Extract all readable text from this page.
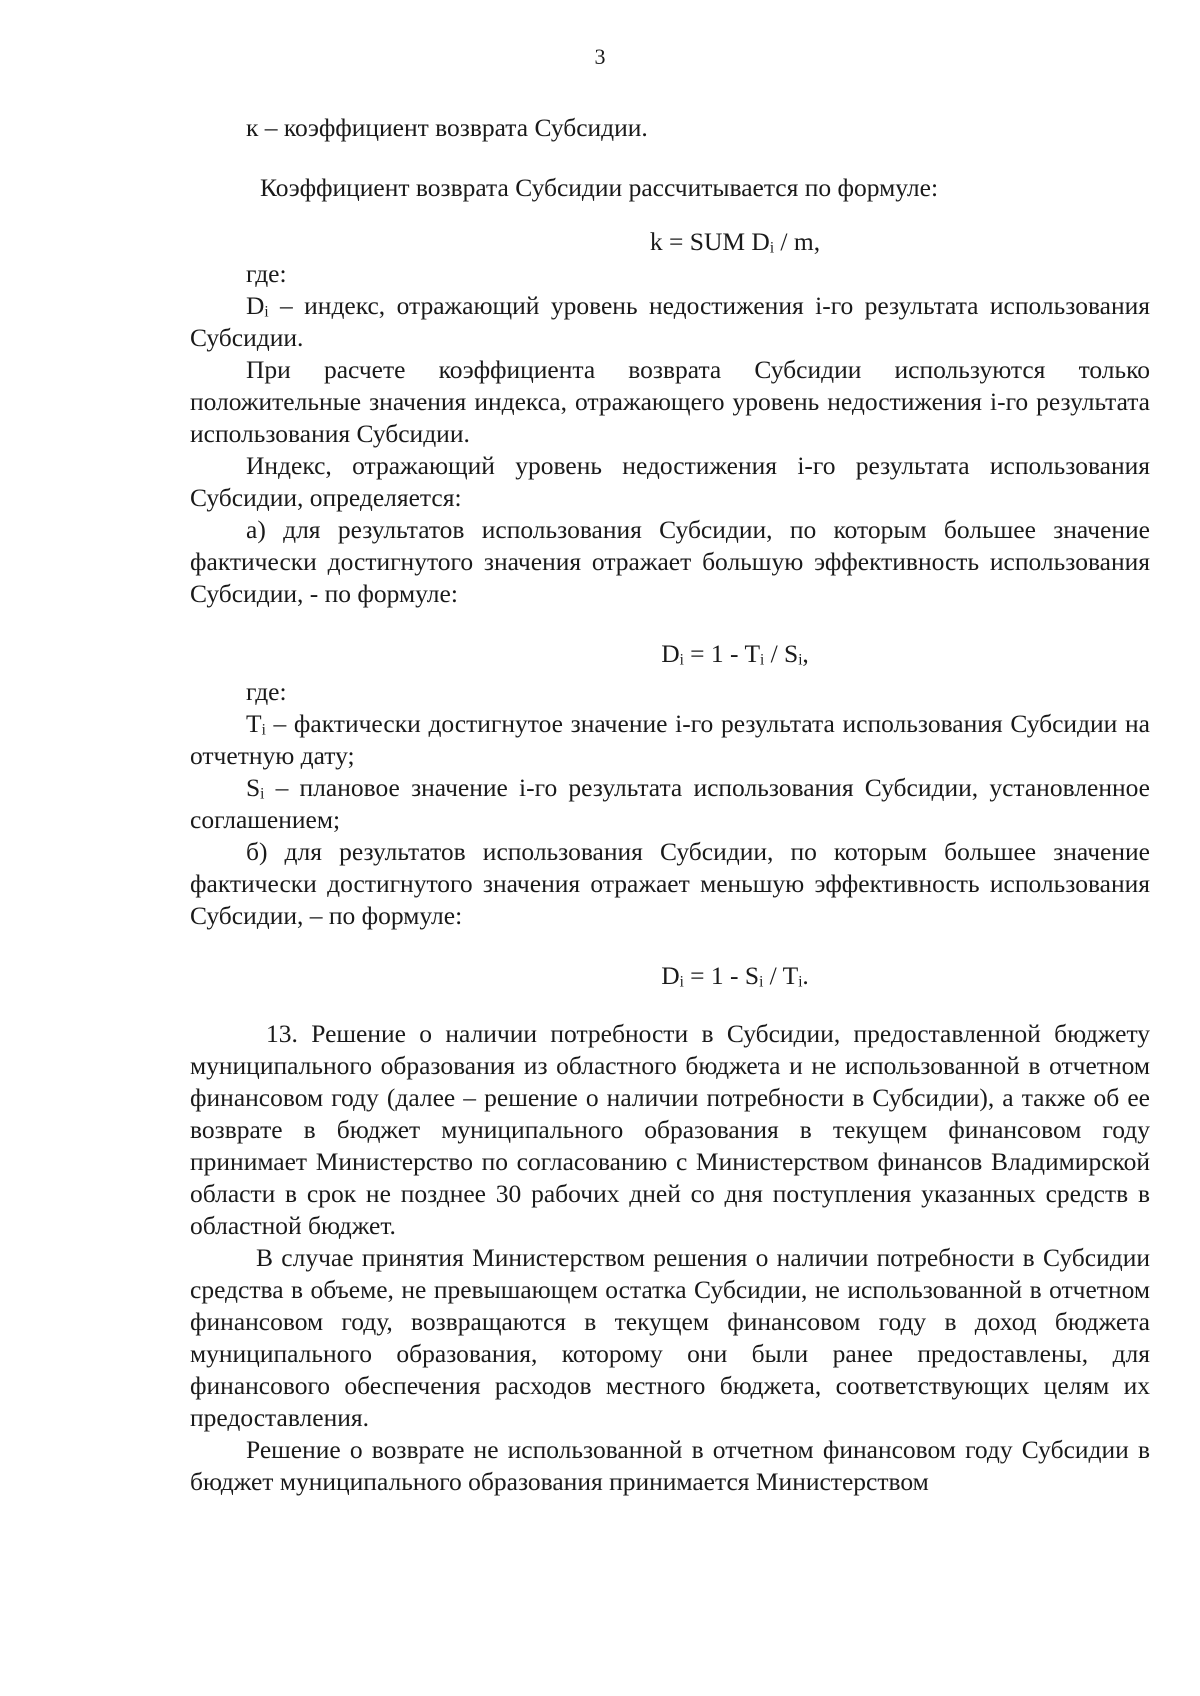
3

к – коэффициент возврата Субсидии.

Коэффициент возврата Субсидии рассчитывается по формуле:

k = SUM Dᵢ / m,

где:

Dᵢ – индекс, отражающий уровень недостижения i-го результата использования Субсидии.

При расчете коэффициента возврата Субсидии используются только положительные значения индекса, отражающего уровень недостижения i-го результата использования Субсидии.

Индекс, отражающий уровень недостижения i-го результата использования Субсидии, определяется:

а) для результатов использования Субсидии, по которым большее значение фактически достигнутого значения отражает большую эффективность использования Субсидии, - по формуле:

Dᵢ = 1 - Tᵢ / Sᵢ,

где:

Tᵢ – фактически достигнутое значение i-го результата использования Субсидии на отчетную дату;

Sᵢ – плановое значение i-го результата использования Субсидии, установленное соглашением;

б) для результатов использования Субсидии, по которым большее значение фактически достигнутого значения отражает меньшую эффективность использования Субсидии, – по формуле:

Dᵢ = 1 - Sᵢ / Tᵢ.

13. Решение о наличии потребности в Субсидии, предоставленной бюджету муниципального образования из областного бюджета и не использованной в отчетном финансовом году (далее – решение о наличии потребности в Субсидии), а также об ее возврате в бюджет муниципального образования в текущем финансовом году принимает Министерство по согласованию с Министерством финансов Владимирской области в срок не позднее 30 рабочих дней со дня поступления указанных средств в областной бюджет.

В случае принятия Министерством решения о наличии потребности в Субсидии средства в объеме, не превышающем остатка Субсидии, не использованной в отчетном финансовом году, возвращаются в текущем финансовом году в доход бюджета муниципального образования, которому они были ранее предоставлены, для финансового обеспечения расходов местного бюджета, соответствующих целям их предоставления.

Решение о возврате не использованной в отчетном финансовом году Субсидии в бюджет муниципального образования принимается Министерством
